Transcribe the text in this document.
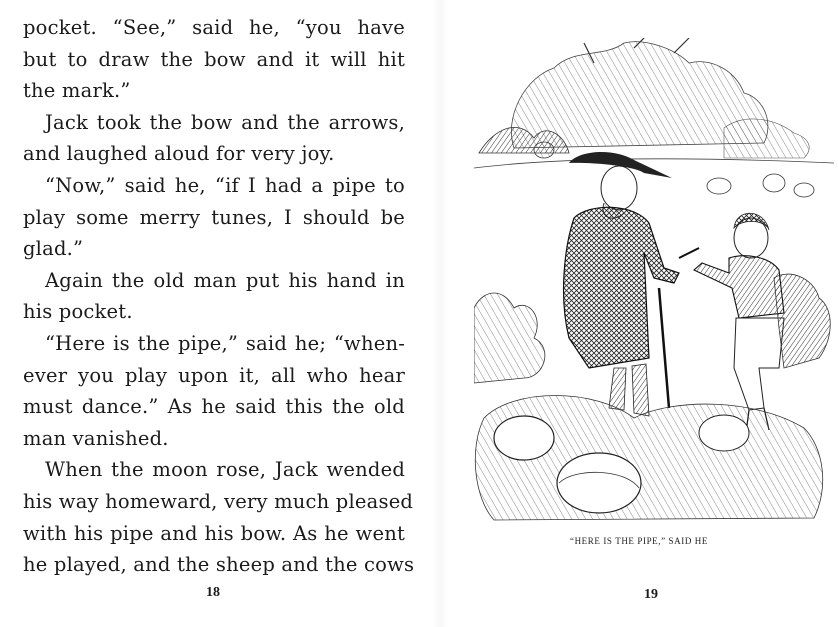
pocket. “See,” said he, “you have
but to draw the bow and it will hit
the mark.”
Jack took the bow and the arrows,
and laughed aloud for very joy.
“Now,” said he, “if I had a pipe to
play some merry tunes, I should be
glad.”
Again the old man put his hand in
his pocket.
“Here is the pipe,” said he; “when-
ever you play upon it, all who hear
must dance.” As he said this the old
man vanished.
When the moon rose, Jack wended
his way homeward, very much pleased
with his pipe and his bow. As he went
he played, and the sheep and the cows
18
“HERE IS THE PIPE,” SAID HE
19
